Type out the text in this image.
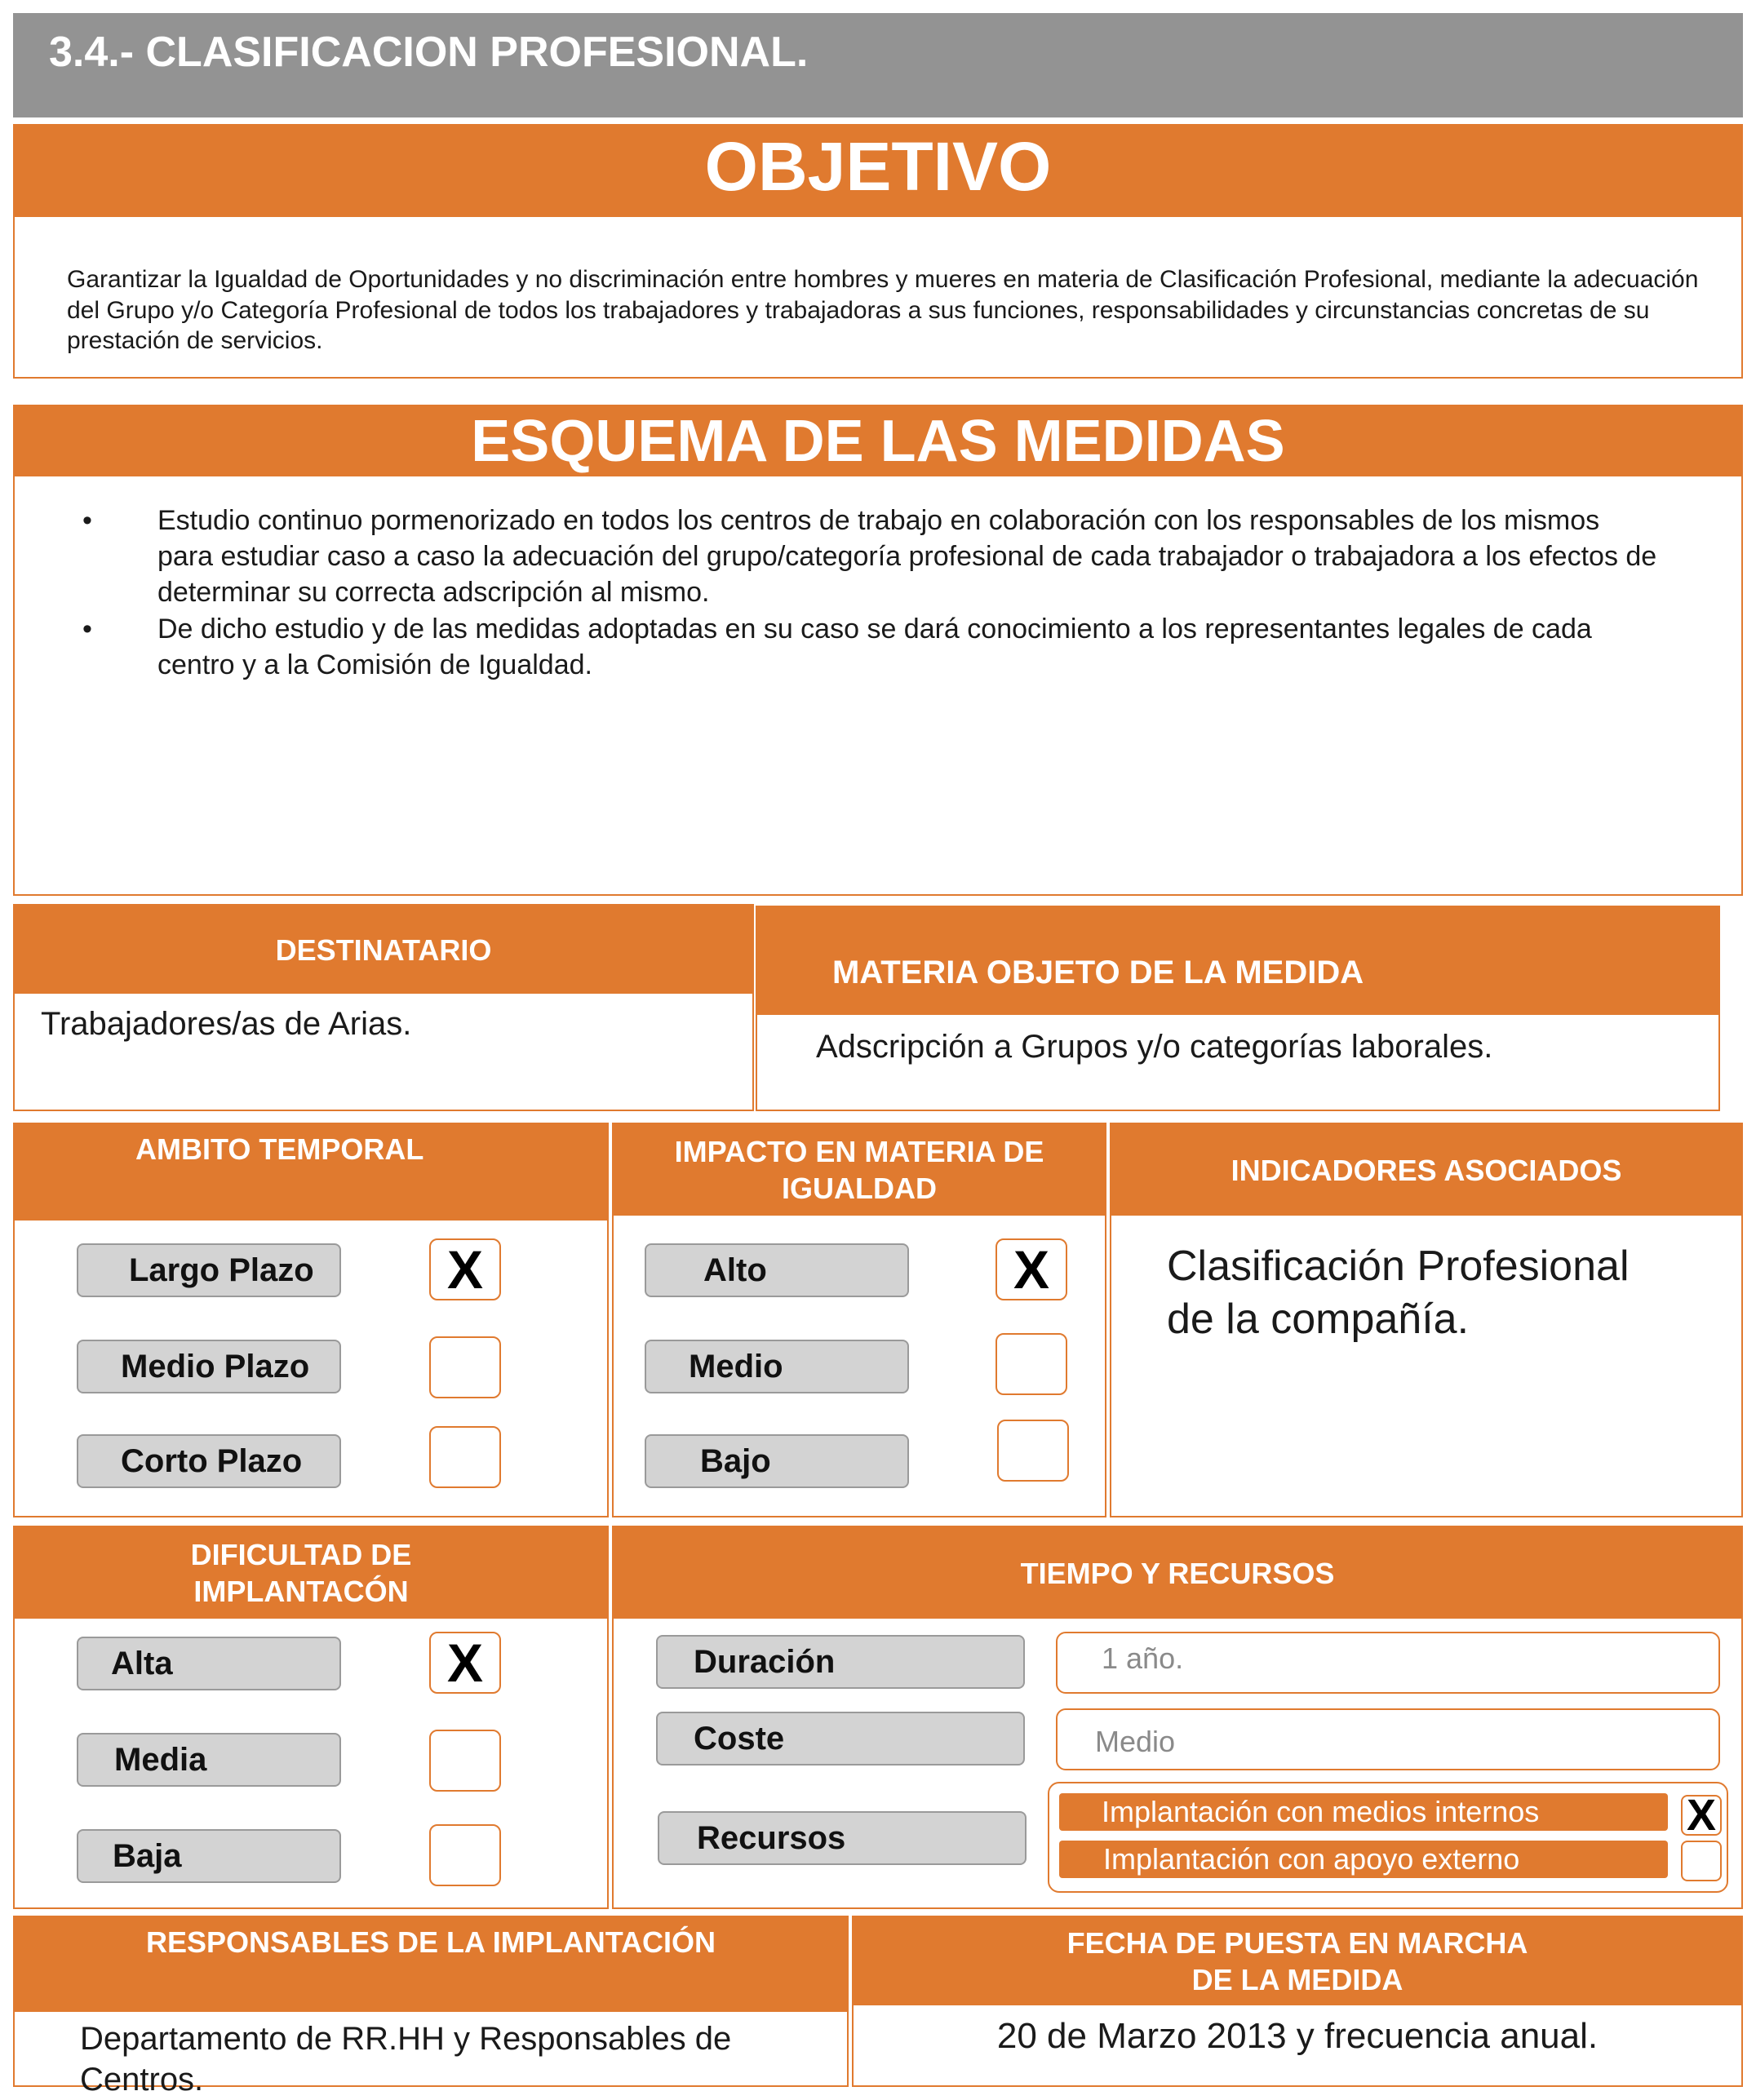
3.4.- CLASIFICACION PROFESIONAL.
OBJETIVO
Garantizar la Igualdad de Oportunidades y no discriminación entre hombres y mueres en materia de Clasificación Profesional, mediante la adecuación del Grupo y/o Categoría Profesional de todos los trabajadores y trabajadoras a sus funciones, responsabilidades y circunstancias concretas de su prestación de servicios.
ESQUEMA DE LAS MEDIDAS
• Estudio continuo pormenorizado en todos los centros de trabajo en colaboración con los responsables de los mismos para estudiar caso a caso la adecuación del grupo/categoría profesional de cada trabajador o trabajadora a los efectos de determinar su correcta adscripción al mismo.
• De dicho estudio y de las medidas adoptadas en su caso se dará conocimiento a los representantes legales de cada centro y a la Comisión de Igualdad.
DESTINATARIO
Trabajadores/as de Arias.
MATERIA OBJETO DE LA MEDIDA
Adscripción a Grupos y/o categorías laborales.
AMBITO TEMPORAL
Largo Plazo	X
Medio Plazo
Corto Plazo
IMPACTO EN MATERIA DE
IGUALDAD
Alto	X
Medio
Bajo
INDICADORES ASOCIADOS
Clasificación Profesional
de la compañía.
DIFICULTAD DE
IMPLANTACÓN
Alta	X
Media
Baja
TIEMPO Y RECURSOS
Duración	1 año.
Coste	Medio
Recursos
Implantación con medios internos	X
Implantación con apoyo externo
RESPONSABLES DE LA IMPLANTACIÓN
Departamento de RR.HH y Responsables de
Centros.
FECHA DE PUESTA EN MARCHA
DE LA MEDIDA
20 de Marzo 2013 y frecuencia anual.
